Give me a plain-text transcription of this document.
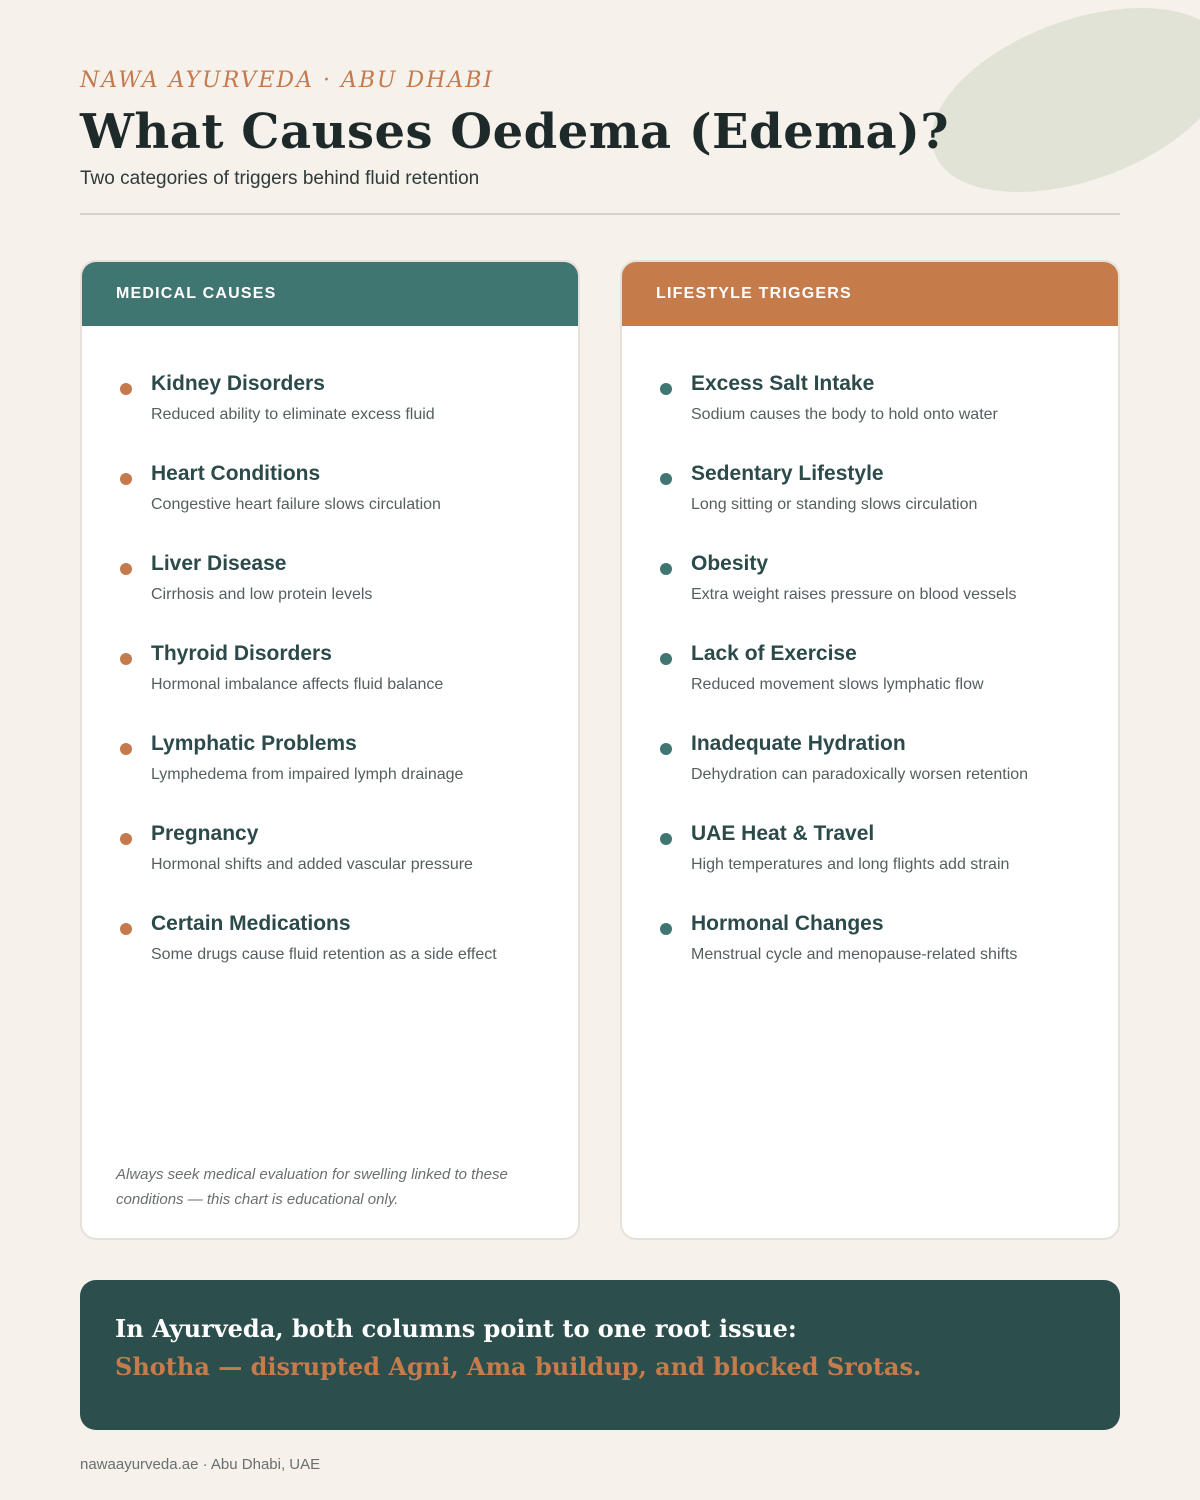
NAWA AYURVEDA · ABU DHABI
What Causes Oedema (Edema)?
Two categories of triggers behind fluid retention
MEDICAL CAUSES
Kidney Disorders
Reduced ability to eliminate excess fluid
Heart Conditions
Congestive heart failure slows circulation
Liver Disease
Cirrhosis and low protein levels
Thyroid Disorders
Hormonal imbalance affects fluid balance
Lymphatic Problems
Lymphedema from impaired lymph drainage
Pregnancy
Hormonal shifts and added vascular pressure
Certain Medications
Some drugs cause fluid retention as a side effect
Always seek medical evaluation for swelling linked to these conditions — this chart is educational only.
LIFESTYLE TRIGGERS
Excess Salt Intake
Sodium causes the body to hold onto water
Sedentary Lifestyle
Long sitting or standing slows circulation
Obesity
Extra weight raises pressure on blood vessels
Lack of Exercise
Reduced movement slows lymphatic flow
Inadequate Hydration
Dehydration can paradoxically worsen retention
UAE Heat & Travel
High temperatures and long flights add strain
Hormonal Changes
Menstrual cycle and menopause-related shifts
In Ayurveda, both columns point to one root issue:
Shotha — disrupted Agni, Ama buildup, and blocked Srotas.
nawaayurveda.ae · Abu Dhabi, UAE
